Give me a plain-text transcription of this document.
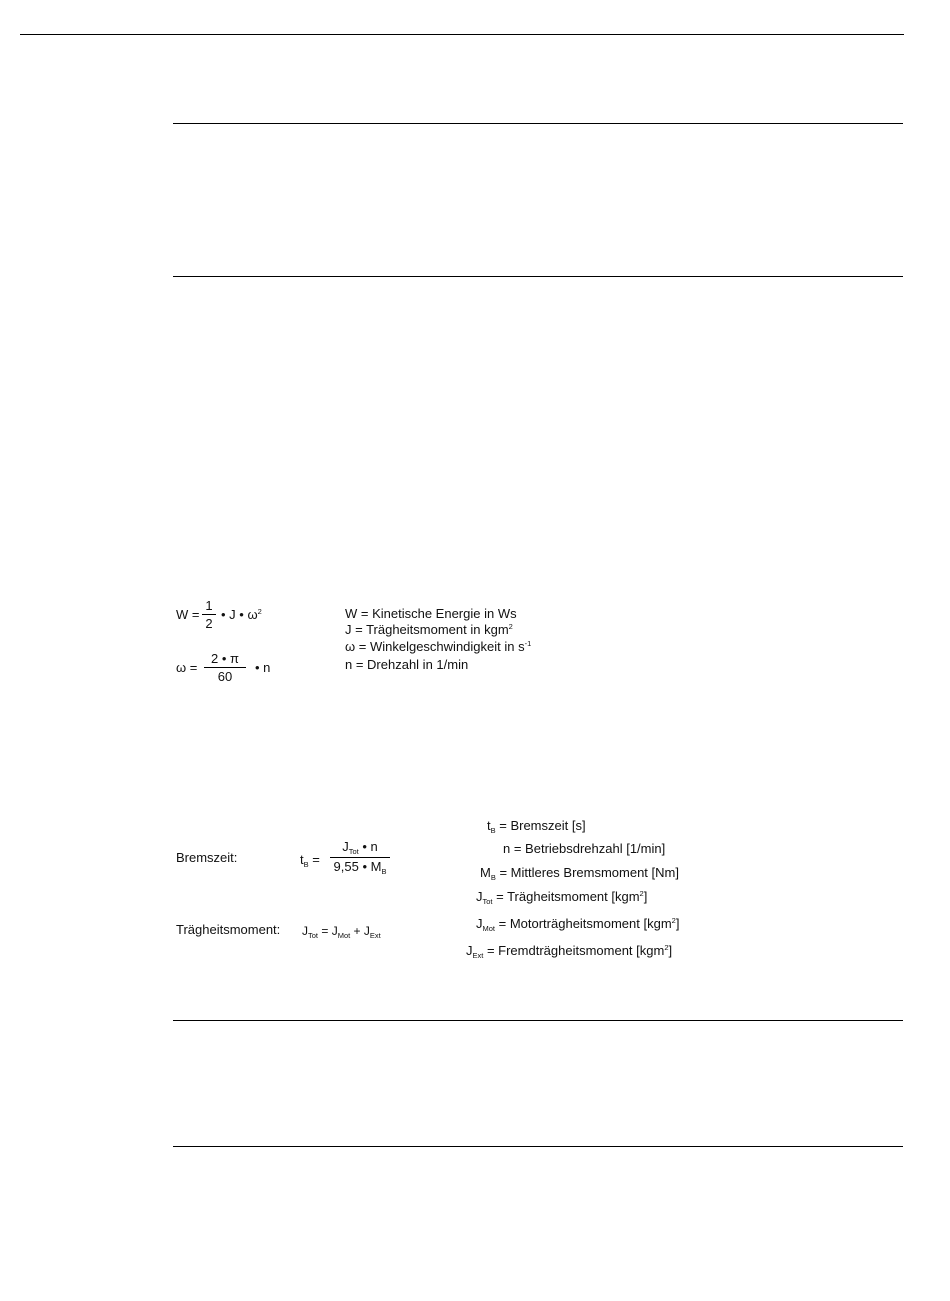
W =
1
2
• J • $\omega^2$
ω =
2 • π
60
• n
W = Kinetische Energie in Ws
J = Trägheitsmoment in kgm$^2$
ω = Winkelgeschwindigkeit in $s^{-1}$
n = Drehzahl in 1/min
Bremszeit:	$t_B$ =
$J_{Tot}$ • n
9,55 • $M_B$
Trägheitsmoment: $J_{Tot} = J_{Mot} + J_{Ext}$
$t_B$ = Bremszeit [s]
n = Betriebsdrehzahl [1/min]
$M_B$ = Mittleres Bremsmoment [Nm]
$J_{Tot}$ = Trägheitsmoment [kgm$^2$]
$J_{Mot}$ = Motorträgheitsmoment [kgm$^2$]
$J_{Ext}$ = Fremdträgheitsmoment [kgm$^2$]
